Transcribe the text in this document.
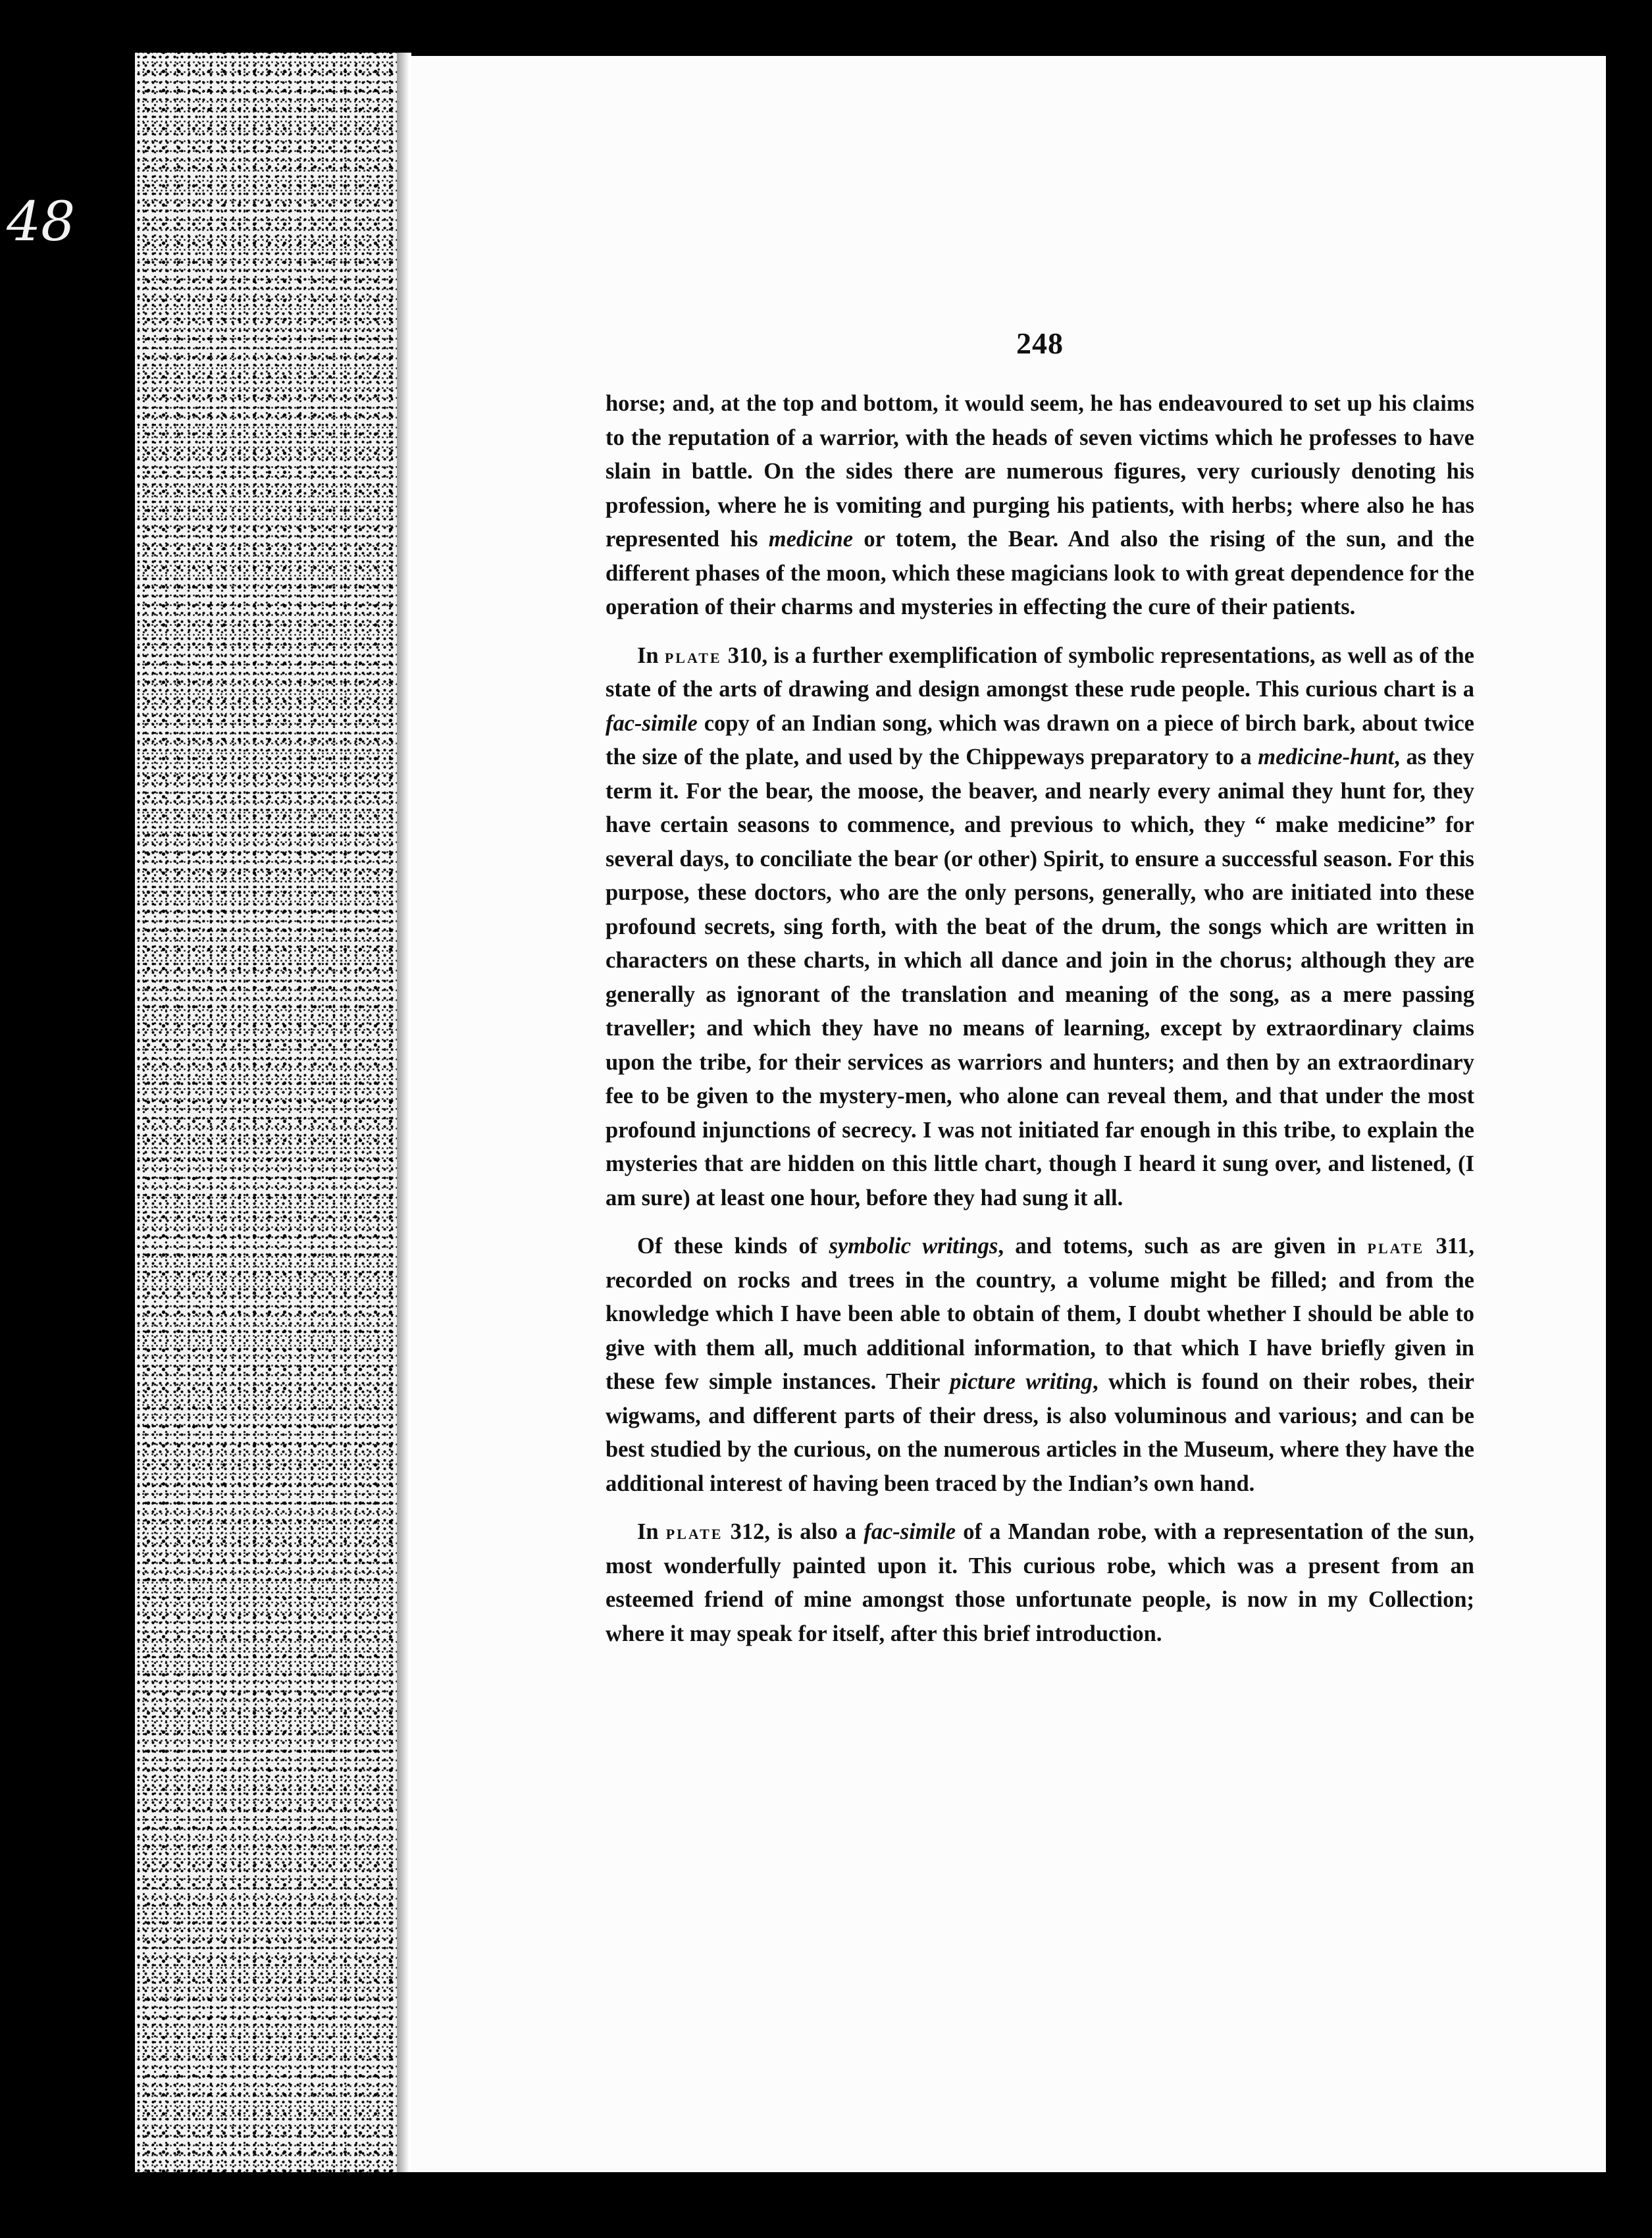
48
248

horse; and, at the top and bottom, it would seem, he has endeavoured to set up his claims to the reputation of a warrior, with the heads of seven victims which he professes to have slain in battle. On the sides there are numerous figures, very curiously denoting his profession, where he is vomiting and purging his patients, with herbs; where also he has represented his medicine or totem, the Bear. And also the rising of the sun, and the different phases of the moon, which these magicians look to with great dependence for the operation of their charms and mysteries in effecting the cure of their patients.

In plate 310, is a further exemplification of symbolic representations, as well as of the state of the arts of drawing and design amongst these rude people. This curious chart is a fac-simile copy of an Indian song, which was drawn on a piece of birch bark, about twice the size of the plate, and used by the Chippeways preparatory to a medicine-hunt, as they term it. For the bear, the moose, the beaver, and nearly every animal they hunt for, they have certain seasons to commence, and previous to which, they “ make medicine” for several days, to conciliate the bear (or other) Spirit, to ensure a successful season. For this purpose, these doctors, who are the only persons, generally, who are initiated into these profound secrets, sing forth, with the beat of the drum, the songs which are written in characters on these charts, in which all dance and join in the chorus; although they are generally as ignorant of the translation and meaning of the song, as a mere passing traveller; and which they have no means of learning, except by extraordinary claims upon the tribe, for their services as warriors and hunters; and then by an extraordinary fee to be given to the mystery-men, who alone can reveal them, and that under the most profound injunctions of secrecy. I was not initiated far enough in this tribe, to explain the mysteries that are hidden on this little chart, though I heard it sung over, and listened, (I am sure) at least one hour, before they had sung it all.

Of these kinds of symbolic writings, and totems, such as are given in plate 311, recorded on rocks and trees in the country, a volume might be filled; and from the knowledge which I have been able to obtain of them, I doubt whether I should be able to give with them all, much additional information, to that which I have briefly given in these few simple instances. Their picture writing, which is found on their robes, their wigwams, and different parts of their dress, is also voluminous and various; and can be best studied by the curious, on the numerous articles in the Museum, where they have the additional interest of having been traced by the Indian’s own hand.

In plate 312, is also a fac-simile of a Mandan robe, with a representation of the sun, most wonderfully painted upon it. This curious robe, which was a present from an esteemed friend of mine amongst those unfortunate people, is now in my Collection; where it may speak for itself, after this brief introduction.
